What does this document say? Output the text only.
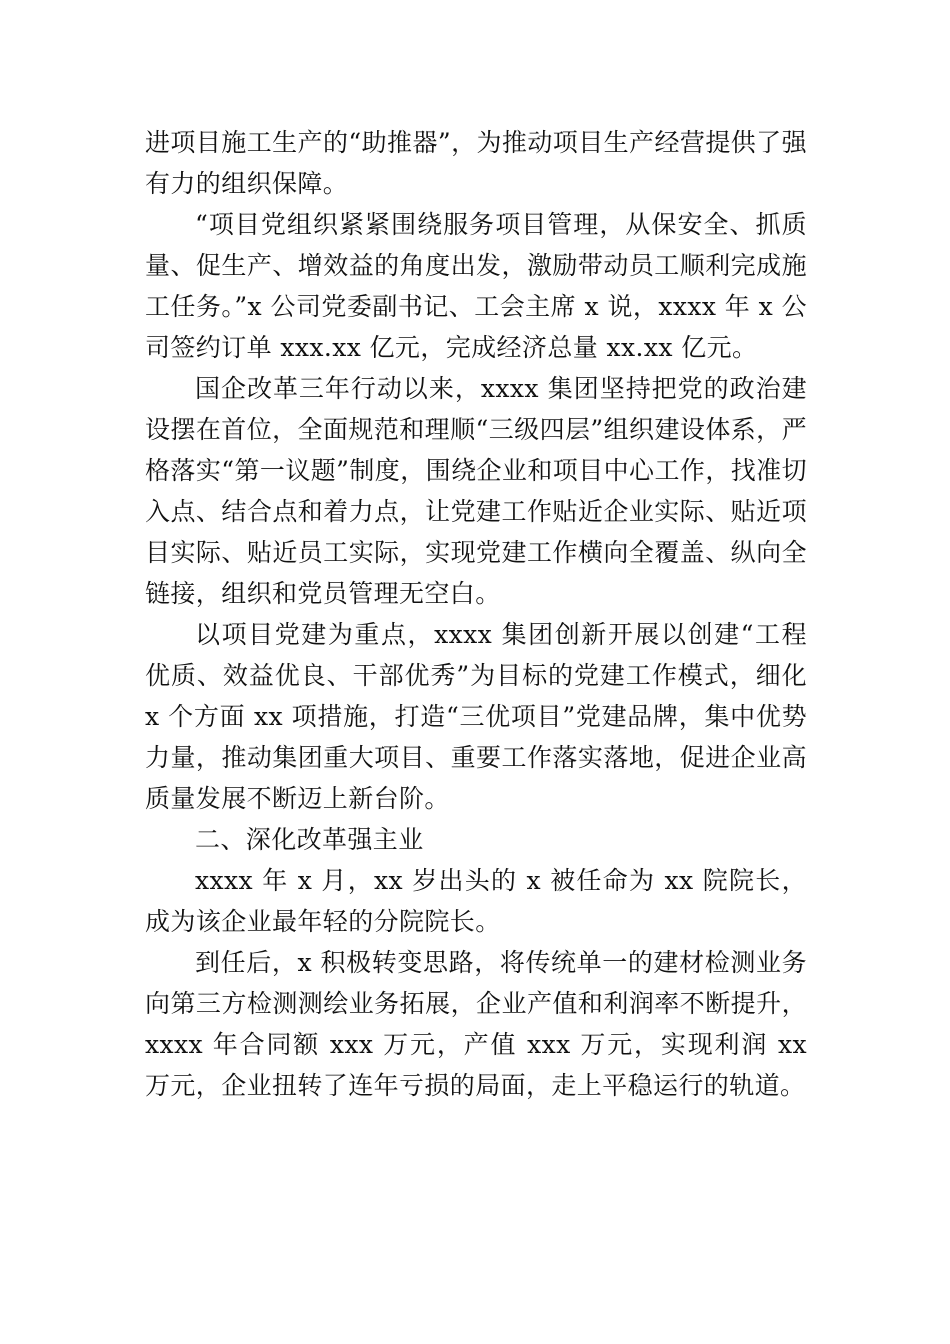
进项目施工生产的“助推器”，为推动项目生产经营提供了强有力的组织保障。

“项目党组织紧紧围绕服务项目管理，从保安全、抓质量、促生产、增效益的角度出发，激励带动员工顺利完成施工任务。”x 公司党委副书记、工会主席 x 说，xxxx 年 x 公司签约订单 xxx.xx 亿元，完成经济总量 xx.xx 亿元。

国企改革三年行动以来，xxxx 集团坚持把党的政治建设摆在首位，全面规范和理顺“三级四层”组织建设体系，严格落实“第一议题”制度，围绕企业和项目中心工作，找准切入点、结合点和着力点，让党建工作贴近企业实际、贴近项目实际、贴近员工实际，实现党建工作横向全覆盖、纵向全链接，组织和党员管理无空白。

以项目党建为重点，xxxx 集团创新开展以创建“工程优质、效益优良、干部优秀”为目标的党建工作模式，细化 x 个方面 xx 项措施，打造“三优项目”党建品牌，集中优势力量，推动集团重大项目、重要工作落实落地，促进企业高质量发展不断迈上新台阶。

二、深化改革强主业

xxxx 年 x 月，xx 岁出头的 x 被任命为 xx 院院长，成为该企业最年轻的分院院长。

到任后，x 积极转变思路，将传统单一的建材检测业务向第三方检测测绘业务拓展，企业产值和利润率不断提升，xxxx 年合同额 xxx 万元，产值 xxx 万元，实现利润 xx 万元，企业扭转了连年亏损的局面，走上平稳运行的轨道。
